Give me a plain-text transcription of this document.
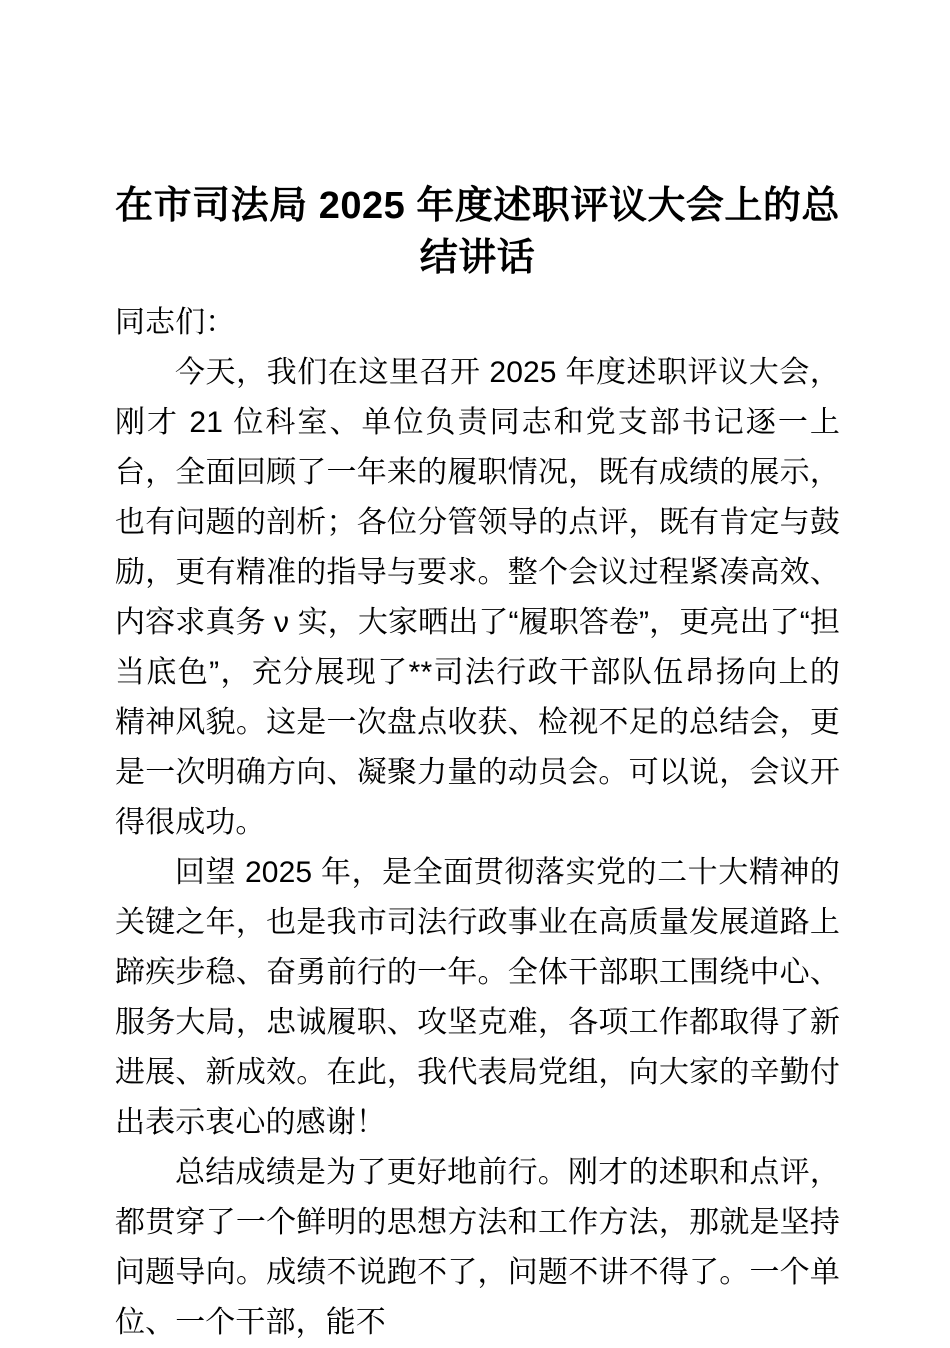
在市司法局 2025 年度述职评议大会上的总结讲话

同志们：

今天，我们在这里召开 2025 年度述职评议大会，刚才 21 位科室、单位负责同志和党支部书记逐一上台，全面回顾了一年来的履职情况，既有成绩的展示，也有问题的剖析；各位分管领导的点评，既有肯定与鼓励，更有精准的指导与要求。整个会议过程紧凑高效、内容求真务 ν 实，大家晒出了“履职答卷”，更亮出了“担当底色”，充分展现了**司法行政干部队伍昂扬向上的精神风貌。这是一次盘点收获、检视不足的总结会，更是一次明确方向、凝聚力量的动员会。可以说，会议开得很成功。

回望 2025 年，是全面贯彻落实党的二十大精神的关键之年，也是我市司法行政事业在高质量发展道路上蹄疾步稳、奋勇前行的一年。全体干部职工围绕中心、服务大局，忠诚履职、攻坚克难，各项工作都取得了新进展、新成效。在此，我代表局党组，向大家的辛勤付出表示衷心的感谢！

总结成绩是为了更好地前行。刚才的述职和点评，都贯穿了一个鲜明的思想方法和工作方法，那就是坚持问题导向。成绩不说跑不了，问题不讲不得了。一个单位、一个干部，能不
